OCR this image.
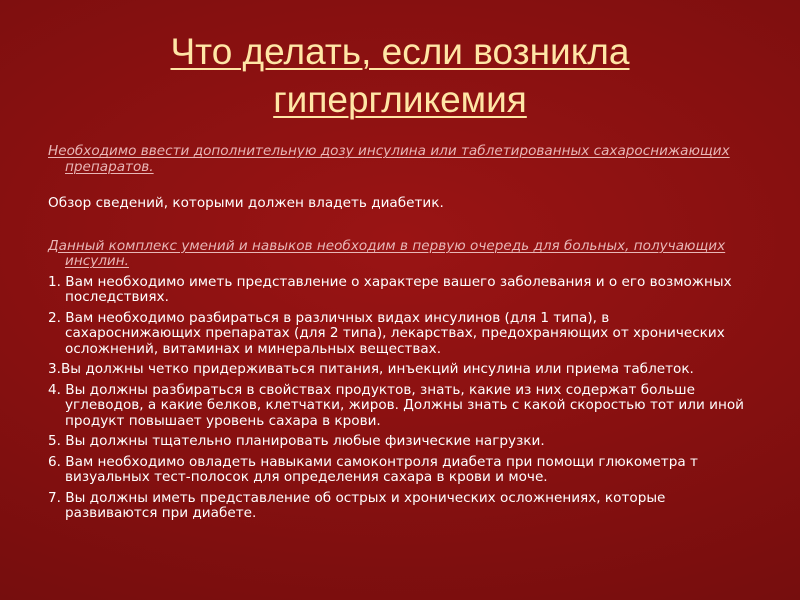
Что делать, если возникла гипергликемия

Необходимо ввести дополнительную дозу инсулина или таблетированных сахароснижающих препаратов.

Обзор сведений, которыми должен владеть диабетик.

Данный комплекс умений и навыков необходим в первую очередь для больных, получающих инсулин.

1. Вам необходимо иметь представление о характере вашего заболевания и о его возможных последствиях.

2. Вам необходимо разбираться в различных видах инсулинов (для 1 типа), в сахароснижающих препаратах (для 2 типа), лекарствах, предохраняющих от хронических осложнений, витаминах и минеральных веществах.

3.Вы должны четко придерживаться питания, инъекций инсулина или приема таблеток.

4. Вы должны разбираться в свойствах продуктов, знать, какие из них содержат больше углеводов, а какие белков, клетчатки, жиров. Должны знать с какой скоростью тот или иной продукт повышает уровень сахара в крови.

5. Вы должны тщательно планировать любые физические нагрузки.

6. Вам необходимо овладеть навыками самоконтроля диабета при помощи глюкометра т визуальных тест-полосок для определения сахара в крови и моче.

7. Вы должны иметь представление об острых и хронических осложнениях, которые развиваются при диабете.
